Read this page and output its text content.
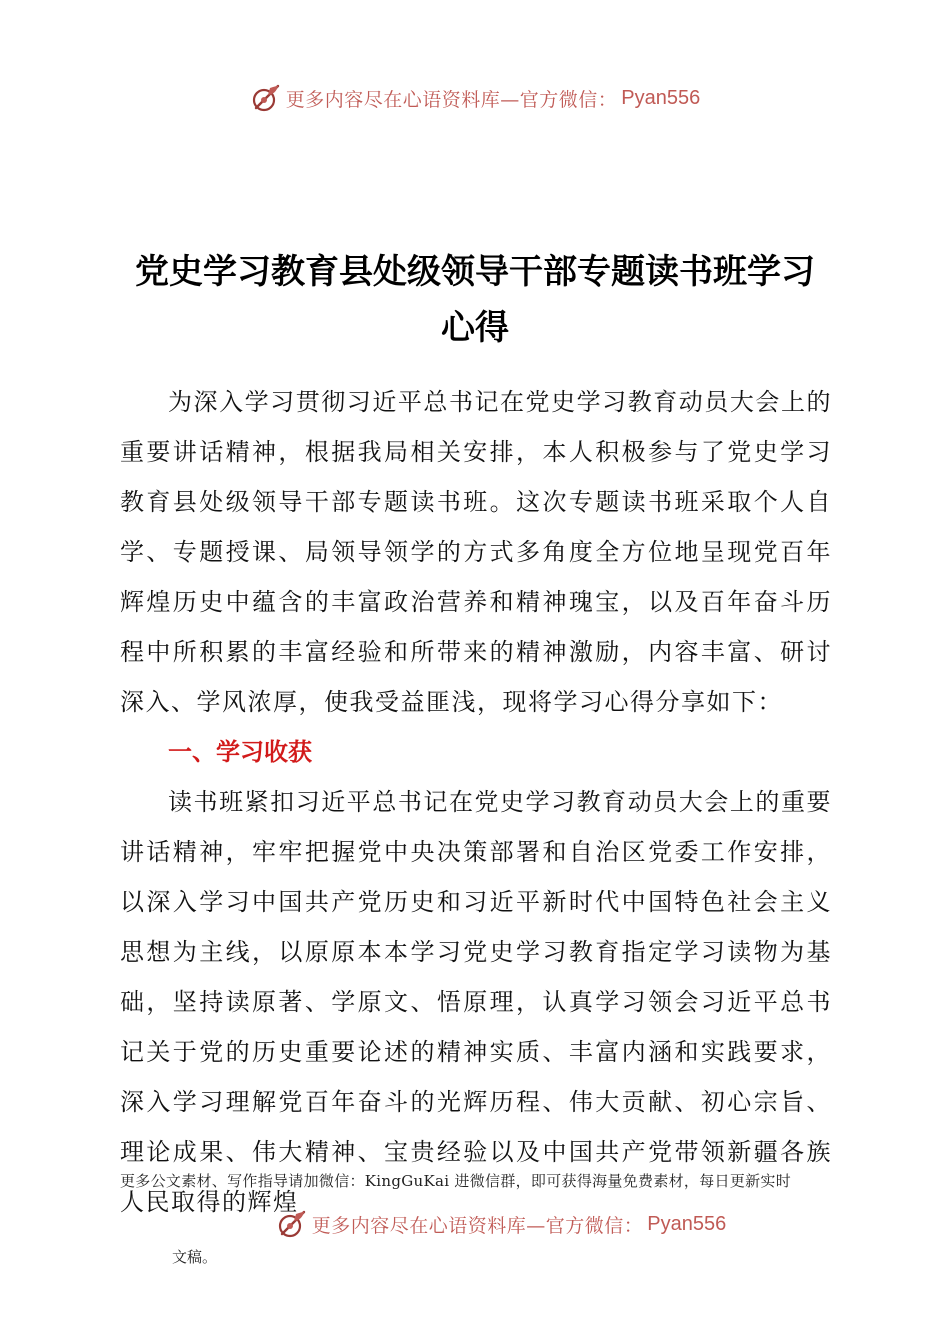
更多内容尽在心语资料库—官方微信： Pyan556
党史学习教育县处级领导干部专题读书班学习
心得

为深入学习贯彻习近平总书记在党史学习教育动员大会上的重要讲话精神，根据我局相关安排，本人积极参与了党史学习教育县处级领导干部专题读书班。这次专题读书班采取个人自学、专题授课、局领导领学的方式多角度全方位地呈现党百年辉煌历史中蕴含的丰富政治营养和精神瑰宝，以及百年奋斗历程中所积累的丰富经验和所带来的精神激励，内容丰富、研讨深入、学风浓厚，使我受益匪浅，现将学习心得分享如下：

一、学习收获

读书班紧扣习近平总书记在党史学习教育动员大会上的重要讲话精神，牢牢把握党中央决策部署和自治区党委工作安排，以深入学习中国共产党历史和习近平新时代中国特色社会主义思想为主线，以原原本本学习党史学习教育指定学习读物为基础，坚持读原著、学原文、悟原理，认真学习领会习近平总书记关于党的历史重要论述的精神实质、丰富内涵和实践要求，深入学习理解党百年奋斗的光辉历程、伟大贡献、初心宗旨、理论成果、伟大精神、宝贵经验以及中国共产党带领新疆各族人民取得的辉煌

更多公文素材、写作指导请加微信：KingGuKai 进微信群，即可获得海量免费素材，每日更新实时
更多内容尽在心语资料库—官方微信： Pyan556
文稿。
